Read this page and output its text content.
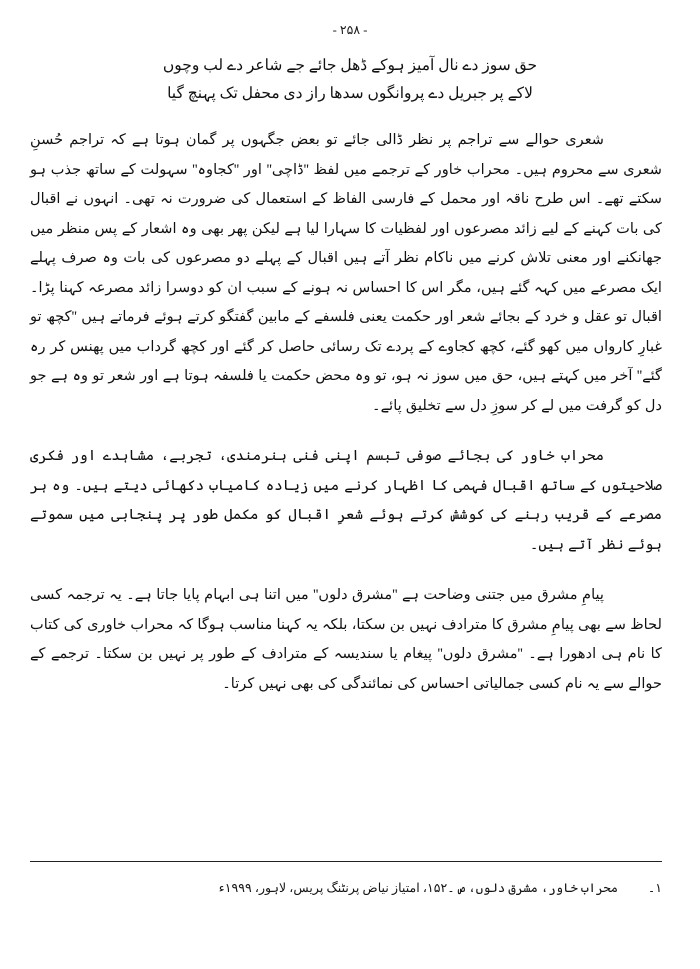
- ۲۵۸ -
حق سوز دے نال آمیز ہوکے ڈھل جائے جے شاعر دے لب وچوں
لاکے پر جبریل دے پروانگوں سدھا راز دی محفل تک پہنچ گیا

شعری حوالے سے تراجم پر نظر ڈالی جائے تو بعض جگہوں پر گمان ہوتا ہے کہ تراجم حُسنِ شعری سے محروم ہیں۔ محراب خاور کے ترجمے میں لفظ ''ڈاچی'' اور ''کجاوہ'' سہولت کے ساتھ جذب ہو سکتے تھے۔ اس طرح ناقہ اور محمل کے فارسی الفاظ کے استعمال کی ضرورت نہ تھی۔ انہوں نے اقبال کی بات کہنے کے لیے زائد مصرعوں اور لفظیات کا سہارا لیا ہے لیکن پھر بھی وہ اشعار کے پس منظر میں جھانکنے اور معنی تلاش کرنے میں ناکام نظر آتے ہیں اقبال کے پہلے دو مصرعوں کی بات وہ صرف پہلے ایک مصرعے میں کہہ گئے ہیں، مگر اس کا احساس نہ ہونے کے سبب ان کو دوسرا زائد مصرعہ کہنا پڑا۔ اقبال تو عقل و خرد کے بجائے شعر اور حکمت یعنی فلسفے کے مابین گفتگو کرتے ہوئے فرماتے ہیں ''کچھ تو غبارِ کارواں میں کھو گئے، کچھ کجاوے کے پردے تک رسائی حاصل کر گئے اور کچھ گرداب میں پھنس کر رہ گئے'' آخر میں کہتے ہیں، حق میں سوز نہ ہو، تو وہ محض حکمت یا فلسفہ ہوتا ہے اور شعر تو وہ ہے جو دل کو گرفت میں لے کر سوزِ دل سے تخلیق پائے۔

محراب خاور کی بجائے صوفی تبسم اپنی فنی ہنرمندی، تجربے، مشاہدے اور فکری صلاحیتوں کے ساتھ اقبال فہمی کا اظہار کرنے میں زیادہ کامیاب دکھائی دیتے ہیں۔ وہ ہر مصرعے کے قریب رہنے کی کوشش کرتے ہوئے شعرِ اقبال کو مکمل طور پر پنجابی میں سموتے ہوئے نظر آتے ہیں۔

پیامِ مشرق میں جتنی وضاحت ہے ''مشرق دلوں'' میں اتنا ہی ابہام پایا جاتا ہے۔ یہ ترجمہ کسی لحاظ سے بھی پیامِ مشرق کا مترادف نہیں بن سکتا، بلکہ یہ کہنا مناسب ہوگا کہ محراب خاوری کی کتاب کا نام ہی ادھورا ہے۔ ''مشرق دلوں'' پیغام یا سندیسہ کے مترادف کے طور پر نہیں بن سکتا۔ ترجمے کے حوالے سے یہ نام کسی جمالیاتی احساس کی نمائندگی کی بھی نہیں کرتا۔

۱۔
محراب خاور، مشرق دلوں، ص ۔۱۵۲، امتیاز نیاض پرنٹنگ پریس، لاہور، ۱۹۹۹ء
